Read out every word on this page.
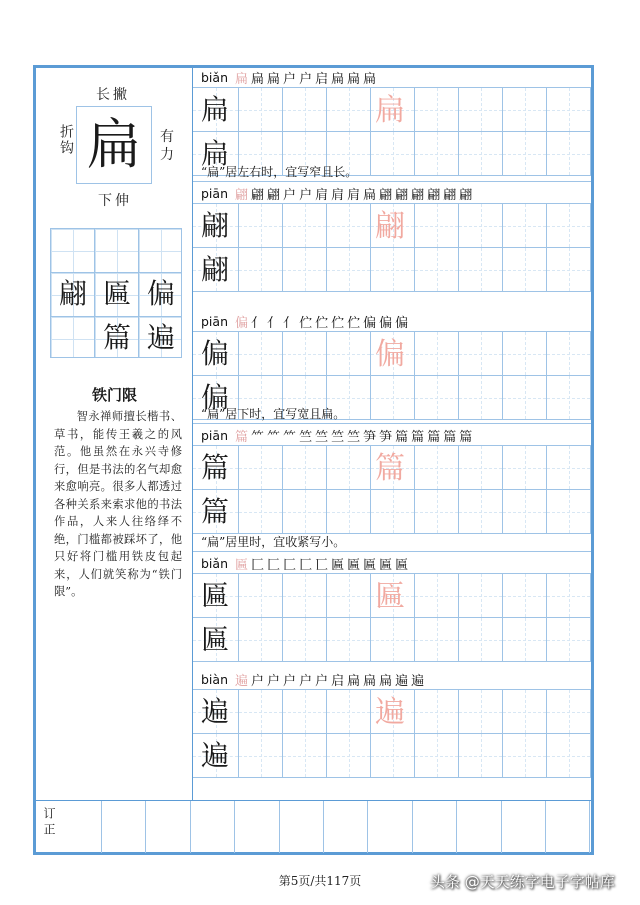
长撇
折钩	有力
下伸
扁
翩 匾 偏
篇 遍
铁门限
智永禅师擅长楷书、草书，能传王羲之的风范。他虽然在永兴寺修行，但是书法的名气却愈来愈响亮。很多人都透过各种关系来索求他的书法作品，人来人往络绎不绝，门槛都被踩坏了，他只好将门槛用铁皮包起来，人们就笑称为“铁门限”。
biǎn 扁 扁 扁 户 户 启 扁 扁 扁
扁
扁
扁
“扁”居左右时，宜写窄且长。
piān 翩 翩 翩 户 户 肩 肩 肩 扁 翩 翩 翩 翩 翩 翩
翩
翩
翩
piān 偏 亻 亻 亻 伫 伫 伫 伫 偏 偏 偏
偏
偏
偏
“扁”居下时，宜写宽且扁。
piān 篇 ⺮ ⺮ ⺮ 竺 竺 竺 竺 笋 笋 篇 篇 篇 篇 篇
篇
篇
篇
“扁”居里时，宜收紧写小。
biǎn 匾 匚 匚 匚 匚 匸 匾 匾 匾 匾 匾
匾
匾
匾
biàn 遍 户 户 户 户 户 启 扁 扁 扁 遍 遍
遍
遍
遍
订正
第5页/共117页	头条 @天天练字电子字帖库
